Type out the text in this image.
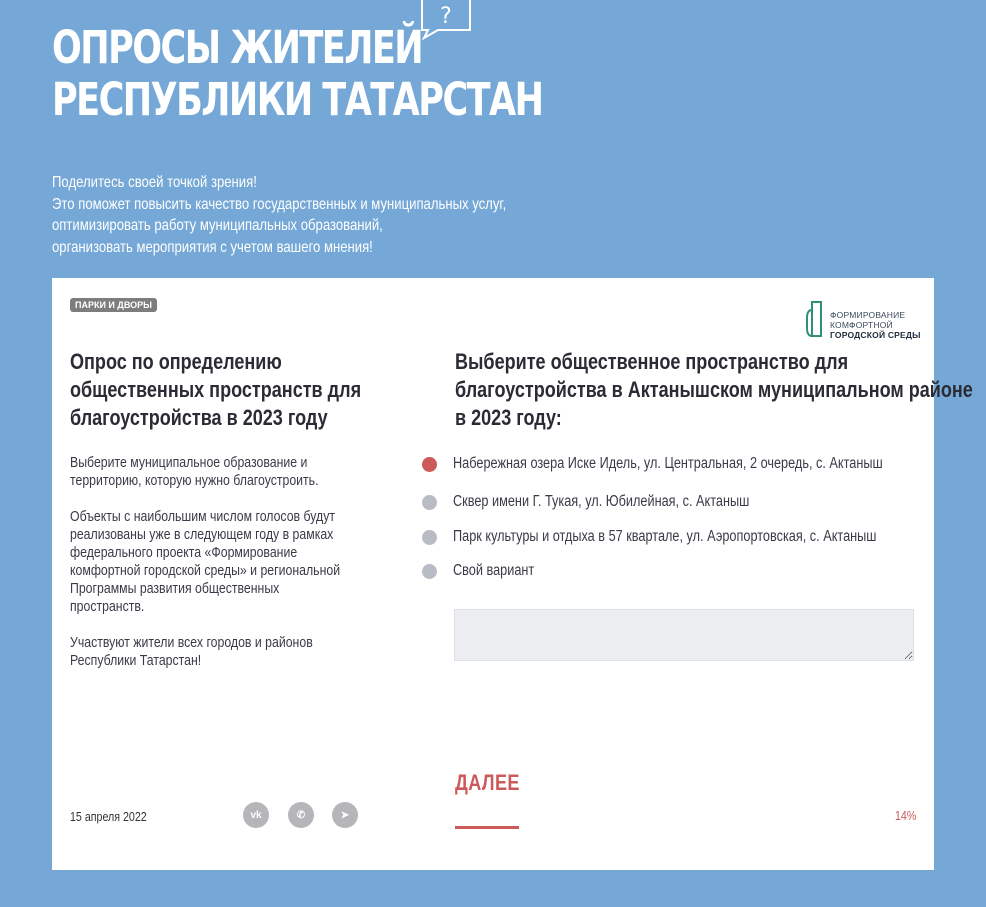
ОПРОСЫ ЖИТЕЛЕЙ
РЕСПУБЛИКИ ТАТАРСТАН
?
Поделитесь своей точкой зрения!
Это поможет повысить качество государственных и муниципальных услуг,
оптимизировать работу муниципальных образований,
организовать мероприятия с учетом вашего мнения!
ПАРКИ И ДВОРЫ
ФОРМИРОВАНИЕ
КОМФОРТНОЙ
ГОРОДСКОЙ СРЕДЫ
Опрос по определению
общественных пространств для
благоустройства в 2023 году

Выберите муниципальное образование и
территорию, которую нужно благоустроить.

Объекты с наибольшим числом голосов будут
реализованы уже в следующем году в рамках
федерального проекта «Формирование
комфортной городской среды» и региональной
Программы развития общественных
пространств.

Участвуют жители всех городов и районов
Республики Татарстан!

15 апреля 2022	vk	✆	➤
Выберите общественное пространство для
благоустройства в Актанышском муниципальном районе
в 2023 году:
Набережная озера Иске Идель, ул. Центральная, 2 очередь, с. Актаныш
Сквер имени Г. Тукая, ул. Юбилейная, с. Актаныш
Парк культуры и отдыха в 57 квартале, ул. Аэропортовская, с. Актаныш
Свой вариант
ДАЛЕЕ
14%
